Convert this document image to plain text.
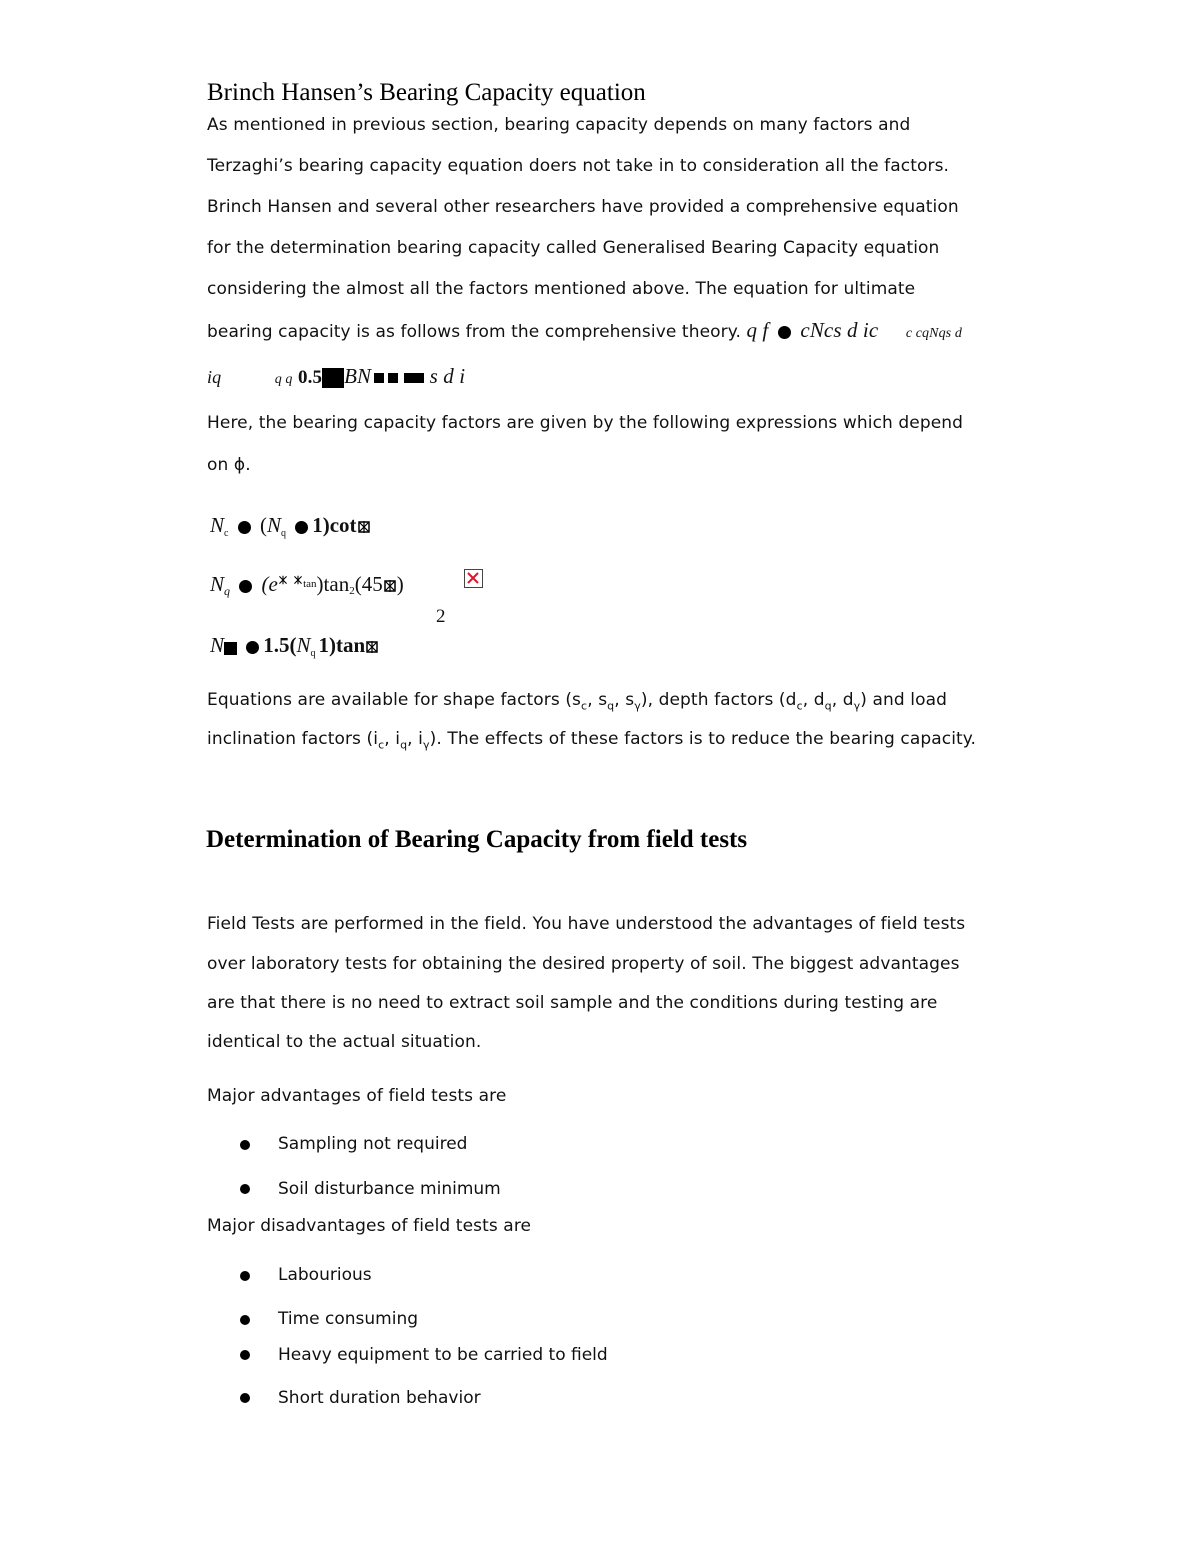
Brinch Hansen’s Bearing Capacity equation
As mentioned in previous section, bearing capacity depends on many factors and
Terzaghi’s bearing capacity equation doers not take in to consideration all the factors.
Brinch Hansen and several other researchers have provided a comprehensive equation
for the determination bearing capacity called Generalised Bearing Capacity equation
considering the almost all the factors mentioned above. The equation for ultimate
bearing capacity is as follows from the comprehensive theory. q f cNcs d ic c cqNqs d
iq	q q 0.5 BN	s d i
Here, the bearing capacity factors are given by the following expressions which depend
on ϕ.
$N_c$ ($N_q$ 1)cot
$N_q$ (e tan)tan2(45 )
2
N $1.5(N_q$ 1)tan
Equations are available for shape factors ($s_c$, $s_q$, $s_\gamma$), depth factors ($d_c$, $d_q$, $d_\gamma$) and load
inclination factors ($i_c$, $i_q$, $i_\gamma$). The effects of these factors is to reduce the bearing capacity.
Determination of Bearing Capacity from field tests
Field Tests are performed in the field. You have understood the advantages of field tests
over laboratory tests for obtaining the desired property of soil. The biggest advantages
are that there is no need to extract soil sample and the conditions during testing are
identical to the actual situation.
Major advantages of field tests are
Sampling not required
Soil disturbance minimum
Major disadvantages of field tests are
Labourious
Time consuming
Heavy equipment to be carried to field
Short duration behavior
